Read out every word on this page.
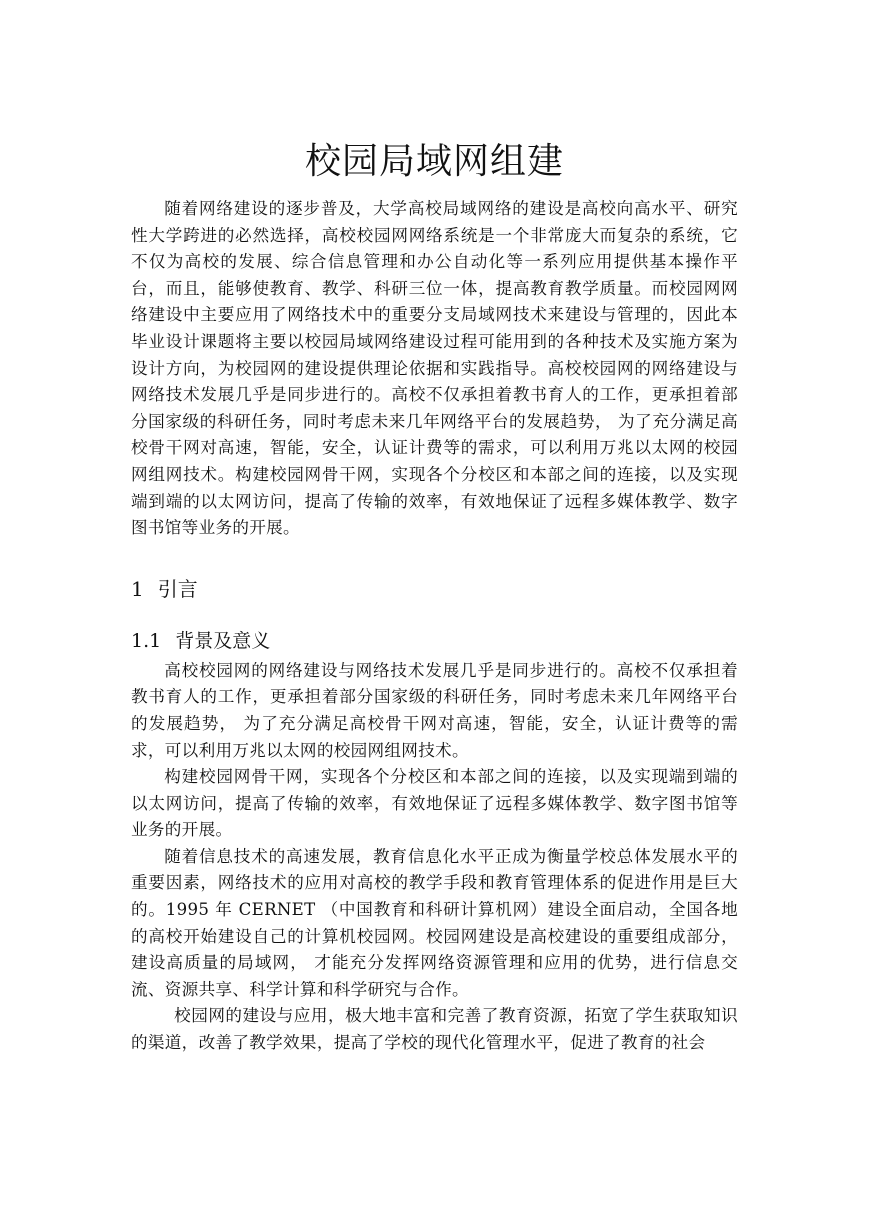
校园局域网组建

随着网络建设的逐步普及，大学高校局域网络的建设是高校向高水平、研究性大学跨进的必然选择，高校校园网网络系统是一个非常庞大而复杂的系统，它不仅为高校的发展、综合信息管理和办公自动化等一系列应用提供基本操作平台，而且，能够使教育、教学、科研三位一体，提高教育教学质量。而校园网网络建设中主要应用了网络技术中的重要分支局域网技术来建设与管理的，因此本毕业设计课题将主要以校园局域网络建设过程可能用到的各种技术及实施方案为设计方向，为校园网的建设提供理论依据和实践指导。高校校园网的网络建设与网络技术发展几乎是同步进行的。高校不仅承担着教书育人的工作，更承担着部分国家级的科研任务，同时考虑未来几年网络平台的发展趋势， 为了充分满足高校骨干网对高速，智能，安全，认证计费等的需求，可以利用万兆以太网的校园网组网技术。构建校园网骨干网，实现各个分校区和本部之间的连接，以及实现端到端的以太网访问，提高了传输的效率，有效地保证了远程多媒体教学、数字图书馆等业务的开展。

1 引言
1.1 背景及意义

高校校园网的网络建设与网络技术发展几乎是同步进行的。高校不仅承担着教书育人的工作，更承担着部分国家级的科研任务，同时考虑未来几年网络平台的发展趋势， 为了充分满足高校骨干网对高速，智能，安全，认证计费等的需求，可以利用万兆以太网的校园网组网技术。

构建校园网骨干网，实现各个分校区和本部之间的连接，以及实现端到端的以太网访问，提高了传输的效率，有效地保证了远程多媒体教学、数字图书馆等业务的开展。

随着信息技术的高速发展，教育信息化水平正成为衡量学校总体发展水平的重要因素，网络技术的应用对高校的教学手段和教育管理体系的促进作用是巨大的。1995 年 CERNET （中国教育和科研计算机网）建设全面启动，全国各地的高校开始建设自己的计算机校园网。校园网建设是高校建设的重要组成部分，建设高质量的局域网， 才能充分发挥网络资源管理和应用的优势，进行信息交流、资源共享、科学计算和科学研究与合作。

校园网的建设与应用，极大地丰富和完善了教育资源，拓宽了学生获取知识的渠道，改善了教学效果，提高了学校的现代化管理水平，促进了教育的社会
